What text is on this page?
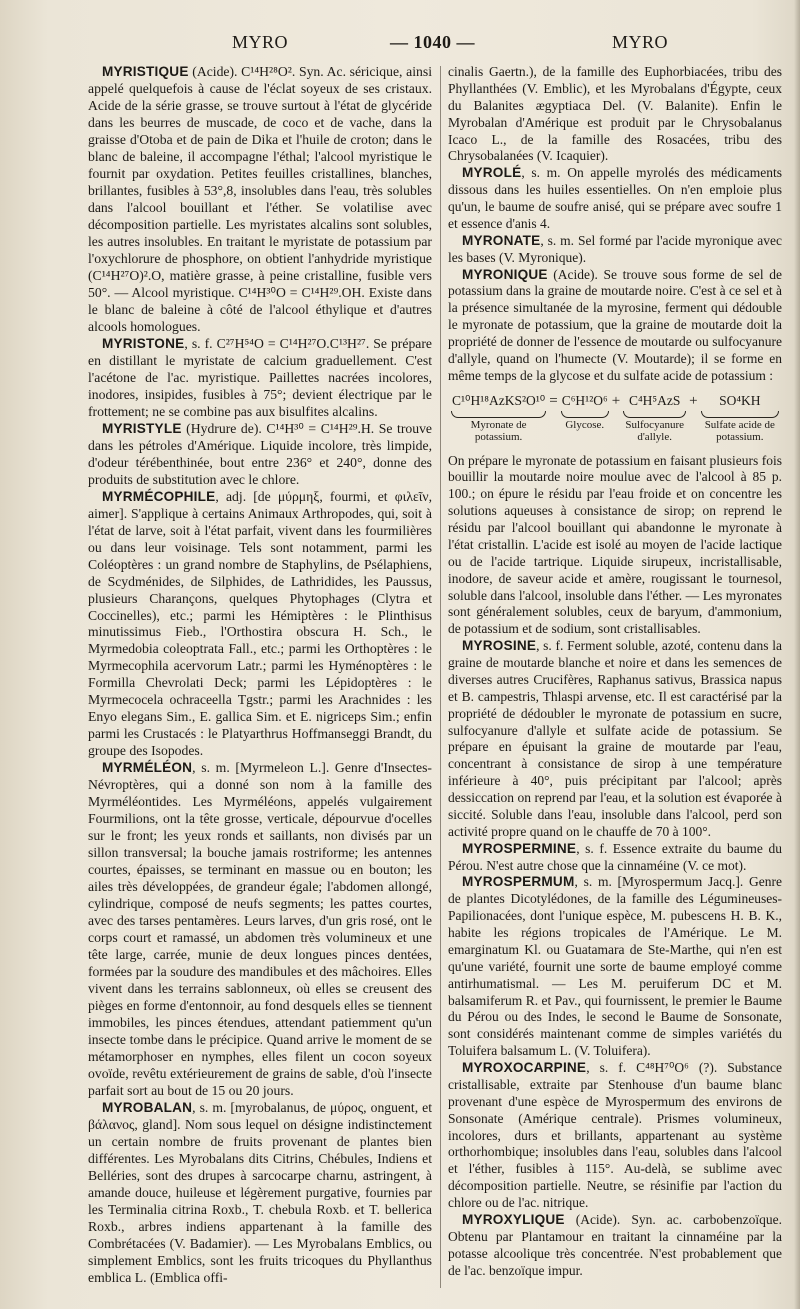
MYRO	— 1040 —	MYRO

MYRISTIQUE (Acide). C¹⁴H²⁸O². Syn. Ac. séricique, ainsi appelé quelquefois à cause de l'éclat soyeux de ses cristaux. Acide de la série grasse, se trouve surtout à l'état de glycéride dans les beurres de muscade, de coco et de vache, dans la graisse d'Otoba et de pain de Dika et l'huile de croton; dans le blanc de baleine, il accompagne l'éthal; l'alcool myristique le fournit par oxydation. Petites feuilles cristallines, blanches, brillantes, fusibles à 53°,8, insolubles dans l'eau, très solubles dans l'alcool bouillant et l'éther. Se volatilise avec décomposition partielle. Les myristates alcalins sont solubles, les autres insolubles. En traitant le myristate de potassium par l'oxychlorure de phosphore, on obtient l'anhydride myristique (C¹⁴H²⁷O)².O, matière grasse, à peine cristalline, fusible vers 50°. — Alcool myristique. C¹⁴H³⁰O = C¹⁴H²⁹.OH. Existe dans le blanc de baleine à côté de l'alcool éthylique et d'autres alcools homologues.

MYRISTONE, s. f. C²⁷H⁵⁴O = C¹⁴H²⁷O.C¹³H²⁷. Se prépare en distillant le myristate de calcium graduellement. C'est l'acétone de l'ac. myristique. Paillettes nacrées incolores, inodores, insipides, fusibles à 75°; devient électrique par le frottement; ne se combine pas aux bisulfites alcalins.

MYRISTYLE (Hydrure de). C¹⁴H³⁰ = C¹⁴H²⁹.H. Se trouve dans les pétroles d'Amérique. Liquide incolore, très limpide, d'odeur térébenthinée, bout entre 236° et 240°, donne des produits de substitution avec le chlore.

MYRMÉCOPHILE, adj. [de μύρμηξ, fourmi, et φιλεῖν, aimer]. S'applique à certains Animaux Arthropodes, qui, soit à l'état de larve, soit à l'état parfait, vivent dans les fourmilières ou dans leur voisinage. Tels sont notamment, parmi les Coléoptères : un grand nombre de Staphylins, de Psélaphiens, de Scydménides, de Silphides, de Lathridides, les Paussus, plusieurs Charançons, quelques Phytophages (Clytra et Coccinelles), etc.; parmi les Hémiptères : le Plinthisus minutissimus Fieb., l'Orthostira obscura H. Sch., le Myrmedobia coleoptrata Fall., etc.; parmi les Orthoptères : le Myrmecophila acervorum Latr.; parmi les Hyménoptères : le Formilla Chevrolati Deck; parmi les Lépidoptères : le Myrmecocela ochraceella Tgstr.; parmi les Arachnides : les Enyo elegans Sim., E. gallica Sim. et E. nigriceps Sim.; enfin parmi les Crustacés : le Platyarthrus Hoffmanseggi Brandt, du groupe des Isopodes.

MYRMÉLÉON, s. m. [Myrmeleon L.]. Genre d'Insectes-Névroptères, qui a donné son nom à la famille des Myrméléontides. Les Myrméléons, appelés vulgairement Fourmilions, ont la tête grosse, verticale, dépourvue d'ocelles sur le front; les yeux ronds et saillants, non divisés par un sillon transversal; la bouche jamais rostriforme; les antennes courtes, épaisses, se terminant en massue ou en bouton; les ailes très développées, de grandeur égale; l'abdomen allongé, cylindrique, composé de neufs segments; les pattes courtes, avec des tarses pentamères. Leurs larves, d'un gris rosé, ont le corps court et ramassé, un abdomen très volumineux et une tête large, carrée, munie de deux longues pinces dentées, formées par la soudure des mandibules et des mâchoires. Elles vivent dans les terrains sablonneux, où elles se creusent des pièges en forme d'entonnoir, au fond desquels elles se tiennent immobiles, les pinces étendues, attendant patiemment qu'un insecte tombe dans le précipice. Quand arrive le moment de se métamorphoser en nymphes, elles filent un cocon soyeux ovoïde, revêtu extérieurement de grains de sable, d'où l'insecte parfait sort au bout de 15 ou 20 jours.

MYROBALAN, s. m. [myrobalanus, de μύρος, onguent, et βάλανος, gland]. Nom sous lequel on désigne indistinctement un certain nombre de fruits provenant de plantes bien différentes. Les Myrobalans dits Citrins, Chébules, Indiens et Belléries, sont des drupes à sarcocarpe charnu, astringent, à amande douce, huileuse et légèrement purgative, fournies par les Terminalia citrina Roxb., T. chebula Roxb. et T. bellerica Roxb., arbres indiens appartenant à la famille des Combrétacées (V. Badamier). — Les Myrobalans Emblics, ou simplement Emblics, sont les fruits tricoques du Phyllanthus emblica L. (Emblica offi-

cinalis Gaertn.), de la famille des Euphorbiacées, tribu des Phyllanthées (V. Emblic), et les Myrobalans d'Égypte, ceux du Balanites ægyptiaca Del. (V. Balanite). Enfin le Myrobalan d'Amérique est produit par le Chrysobalanus Icaco L., de la famille des Rosacées, tribu des Chrysobalanées (V. Icaquier).

MYROLÉ, s. m. On appelle myrolés des médicaments dissous dans les huiles essentielles. On n'en emploie plus qu'un, le baume de soufre anisé, qui se prépare avec soufre 1 et essence d'anis 4.

MYRONATE, s. m. Sel formé par l'acide myronique avec les bases (V. Myronique).

MYRONIQUE (Acide). Se trouve sous forme de sel de potassium dans la graine de moutarde noire. C'est à ce sel et à la présence simultanée de la myrosine, ferment qui dédouble le myronate de potassium, que la graine de moutarde doit la propriété de donner de l'essence de moutarde ou sulfocyanure d'allyle, quand on l'humecte (V. Moutarde); il se forme en même temps de la glycose et du sulfate acide de potassium :

C¹⁰H¹⁸AzKS²O¹⁰
Myronate de potassium.
= C⁶H¹²O⁶
Glycose.
+ C⁴H⁵AzS
Sulfocyanure d'allyle.
+ SO⁴KH
Sulfate acide de potassium.

On prépare le myronate de potassium en faisant plusieurs fois bouillir la moutarde noire moulue avec de l'alcool à 85 p. 100.; on épure le résidu par l'eau froide et on concentre les solutions aqueuses à consistance de sirop; on reprend le résidu par l'alcool bouillant qui abandonne le myronate à l'état cristallin. L'acide est isolé au moyen de l'acide lactique ou de l'acide tartrique. Liquide sirupeux, incristallisable, inodore, de saveur acide et amère, rougissant le tournesol, soluble dans l'alcool, insoluble dans l'éther. — Les myronates sont généralement solubles, ceux de baryum, d'ammonium, de potassium et de sodium, sont cristallisables.

MYROSINE, s. f. Ferment soluble, azoté, contenu dans la graine de moutarde blanche et noire et dans les semences de diverses autres Crucifères, Raphanus sativus, Brassica napus et B. campestris, Thlaspi arvense, etc. Il est caractérisé par la propriété de dédoubler le myronate de potassium en sucre, sulfocyanure d'allyle et sulfate acide de potassium. Se prépare en épuisant la graine de moutarde par l'eau, concentrant à consistance de sirop à une température inférieure à 40°, puis précipitant par l'alcool; après dessiccation on reprend par l'eau, et la solution est évaporée à siccité. Soluble dans l'eau, insoluble dans l'alcool, perd son activité propre quand on le chauffe de 70 à 100°.

MYROSPERMINE, s. f. Essence extraite du baume du Pérou. N'est autre chose que la cinnaméine (V. ce mot).

MYROSPERMUM, s. m. [Myrospermum Jacq.]. Genre de plantes Dicotylédones, de la famille des Légumineuses-Papilionacées, dont l'unique espèce, M. pubescens H. B. K., habite les régions tropicales de l'Amérique. Le M. emarginatum Kl. ou Guatamara de Ste-Marthe, qui n'en est qu'une variété, fournit une sorte de baume employé comme antirhumatismal. — Les M. peruiferum DC et M. balsamiferum R. et Pav., qui fournissent, le premier le Baume du Pérou ou des Indes, le second le Baume de Sonsonate, sont considérés maintenant comme de simples variétés du Toluifera balsamum L. (V. Toluifera).

MYROXOCARPINE, s. f. C⁴⁸H⁷⁰O⁶ (?). Substance cristallisable, extraite par Stenhouse d'un baume blanc provenant d'une espèce de Myrospermum des environs de Sonsonate (Amérique centrale). Prismes volumineux, incolores, durs et brillants, appartenant au système orthorhombique; insolubles dans l'eau, solubles dans l'alcool et l'éther, fusibles à 115°. Au-delà, se sublime avec décomposition partielle. Neutre, se résinifie par l'action du chlore ou de l'ac. nitrique.

MYROXYLIQUE (Acide). Syn. ac. carbobenzoïque. Obtenu par Plantamour en traitant la cinnaméine par la potasse alcoolique très concentrée. N'est probablement que de l'ac. benzoïque impur.
